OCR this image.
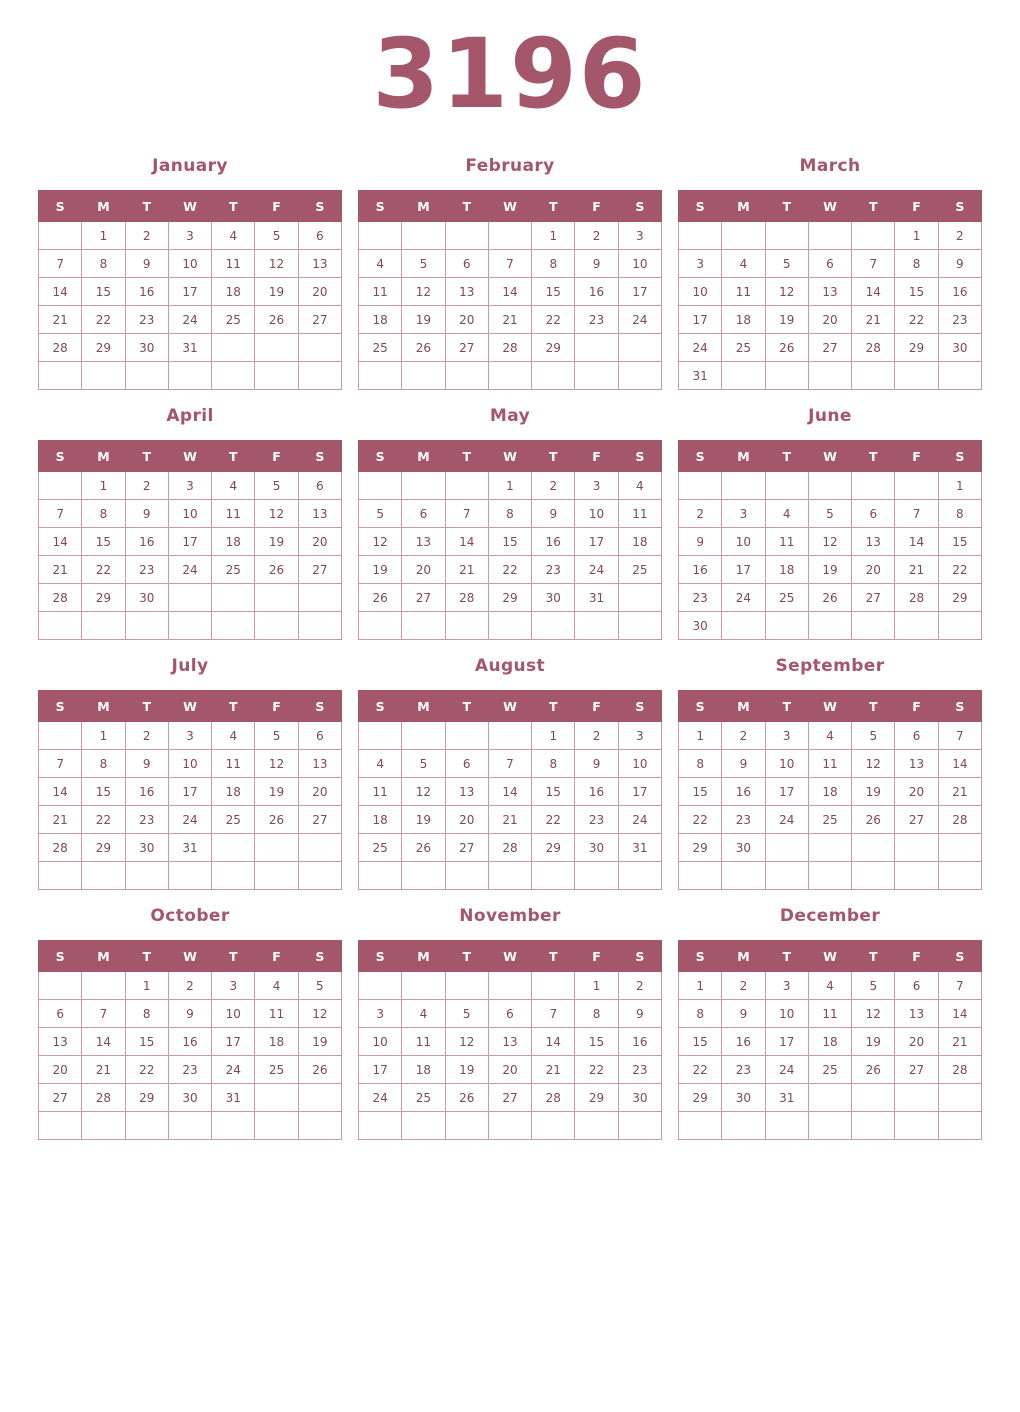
3196
January
S	M	T	W	T	F	S
	1	2	3	4	5	6
7	8	9	10	11	12	13
14	15	16	17	18	19	20
21	22	23	24	25	26	27
28	29	30	31			

February
S	M	T	W	T	F	S
				1	2	3
4	5	6	7	8	9	10
11	12	13	14	15	16	17
18	19	20	21	22	23	24
25	26	27	28	29		

March
S	M	T	W	T	F	S
					1	2
3	4	5	6	7	8	9
10	11	12	13	14	15	16
17	18	19	20	21	22	23
24	25	26	27	28	29	30
31						
April
S	M	T	W	T	F	S
	1	2	3	4	5	6
7	8	9	10	11	12	13
14	15	16	17	18	19	20
21	22	23	24	25	26	27
28	29	30				

May
S	M	T	W	T	F	S
			1	2	3	4
5	6	7	8	9	10	11
12	13	14	15	16	17	18
19	20	21	22	23	24	25
26	27	28	29	30	31	

June
S	M	T	W	T	F	S
						1
2	3	4	5	6	7	8
9	10	11	12	13	14	15
16	17	18	19	20	21	22
23	24	25	26	27	28	29
30						
July
S	M	T	W	T	F	S
	1	2	3	4	5	6
7	8	9	10	11	12	13
14	15	16	17	18	19	20
21	22	23	24	25	26	27
28	29	30	31			

August
S	M	T	W	T	F	S
				1	2	3
4	5	6	7	8	9	10
11	12	13	14	15	16	17
18	19	20	21	22	23	24
25	26	27	28	29	30	31

September
S	M	T	W	T	F	S
1	2	3	4	5	6	7
8	9	10	11	12	13	14
15	16	17	18	19	20	21
22	23	24	25	26	27	28
29	30					

October
S	M	T	W	T	F	S
		1	2	3	4	5
6	7	8	9	10	11	12
13	14	15	16	17	18	19
20	21	22	23	24	25	26
27	28	29	30	31		

November
S	M	T	W	T	F	S
					1	2
3	4	5	6	7	8	9
10	11	12	13	14	15	16
17	18	19	20	21	22	23
24	25	26	27	28	29	30

December
S	M	T	W	T	F	S
1	2	3	4	5	6	7
8	9	10	11	12	13	14
15	16	17	18	19	20	21
22	23	24	25	26	27	28
29	30	31				
